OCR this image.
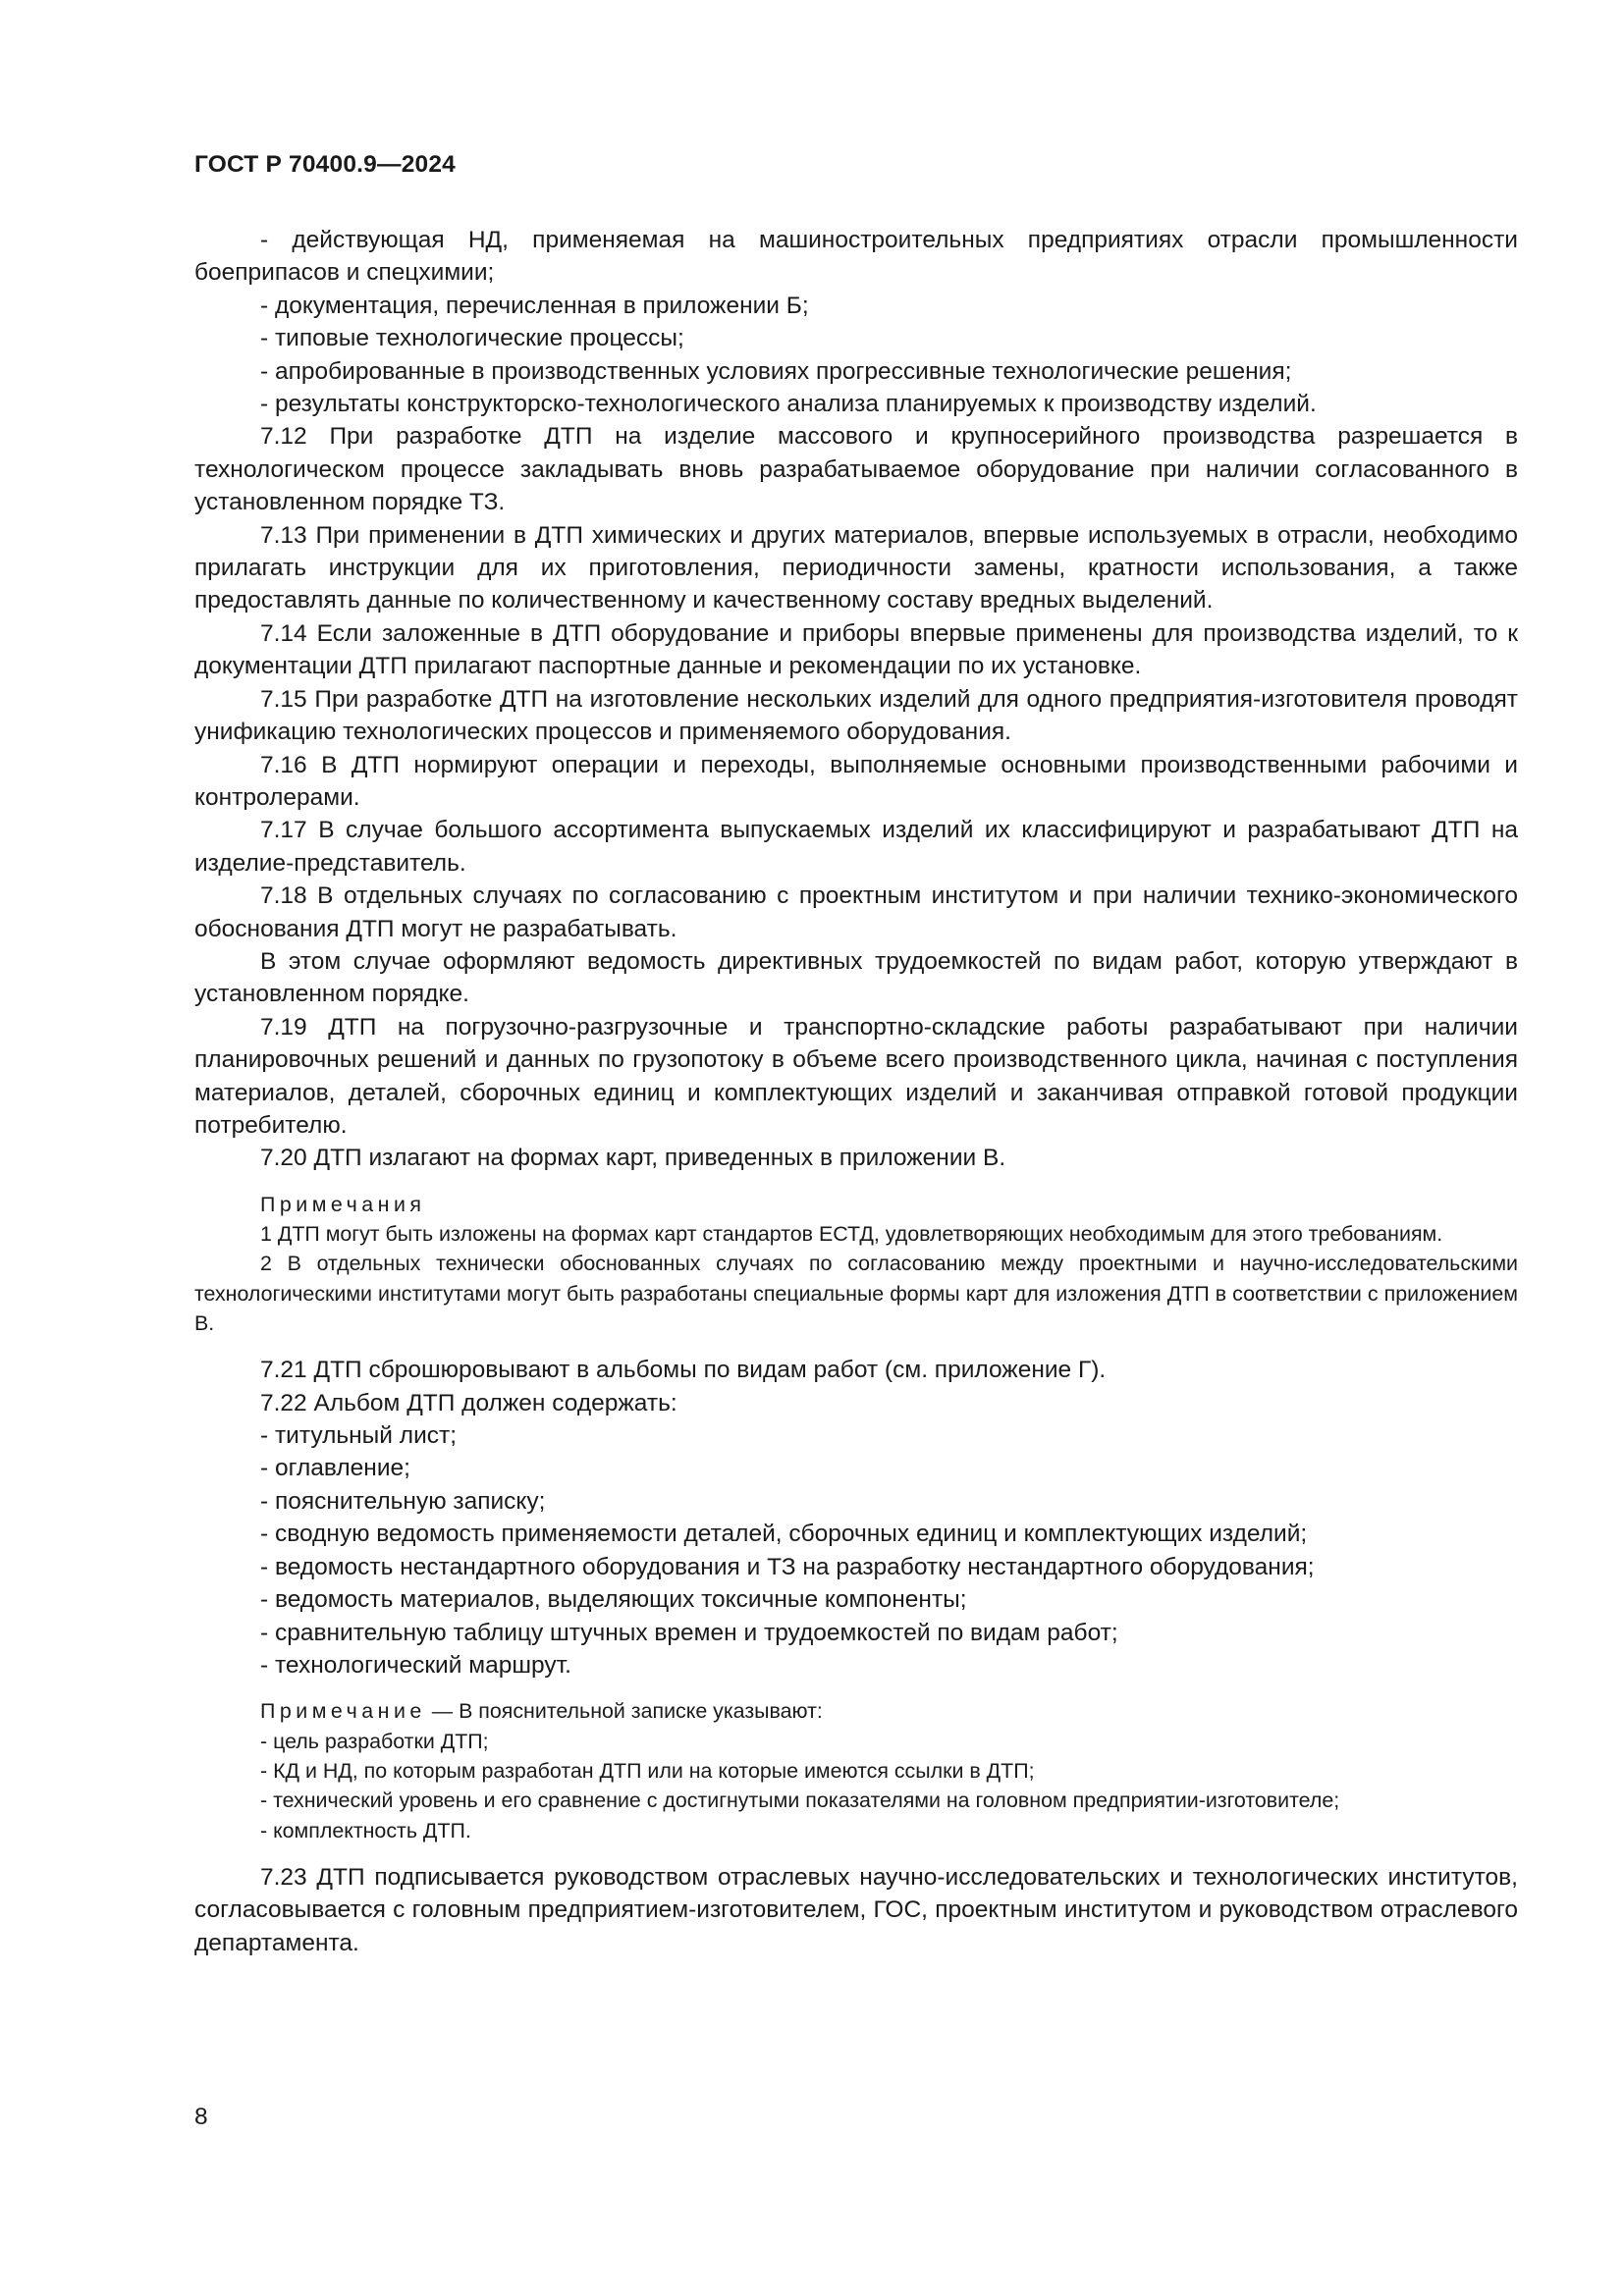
ГОСТ Р 70400.9—2024

- действующая НД, применяемая на машиностроительных предприятиях отрасли промышленности боеприпасов и спецхимии;

- документация, перечисленная в приложении Б;

- типовые технологические процессы;

- апробированные в производственных условиях прогрессивные технологические решения;

- результаты конструкторско-технологического анализа планируемых к производству изделий.

7.12 При разработке ДТП на изделие массового и крупносерийного производства разрешается в технологическом процессе закладывать вновь разрабатываемое оборудование при наличии согласованного в установленном порядке ТЗ.

7.13 При применении в ДТП химических и других материалов, впервые используемых в отрасли, необходимо прилагать инструкции для их приготовления, периодичности замены, кратности использования, а также предоставлять данные по количественному и качественному составу вредных выделений.

7.14 Если заложенные в ДТП оборудование и приборы впервые применены для производства изделий, то к документации ДТП прилагают паспортные данные и рекомендации по их установке.

7.15 При разработке ДТП на изготовление нескольких изделий для одного предприятия-изготовителя проводят унификацию технологических процессов и применяемого оборудования.

7.16 В ДТП нормируют операции и переходы, выполняемые основными производственными рабочими и контролерами.

7.17 В случае большого ассортимента выпускаемых изделий их классифицируют и разрабатывают ДТП на изделие-представитель.

7.18 В отдельных случаях по согласованию с проектным институтом и при наличии технико-экономического обоснования ДТП могут не разрабатывать.

В этом случае оформляют ведомость директивных трудоемкостей по видам работ, которую утверждают в установленном порядке.

7.19 ДТП на погрузочно-разгрузочные и транспортно-складские работы разрабатывают при наличии планировочных решений и данных по грузопотоку в объеме всего производственного цикла, начиная с поступления материалов, деталей, сборочных единиц и комплектующих изделий и заканчивая отправкой готовой продукции потребителю.

7.20 ДТП излагают на формах карт, приведенных в приложении В.

Примечания

1 ДТП могут быть изложены на формах карт стандартов ЕСТД, удовлетворяющих необходимым для этого требованиям.

2 В отдельных технически обоснованных случаях по согласованию между проектными и научно-исследовательскими технологическими институтами могут быть разработаны специальные формы карт для изложения ДТП в соответствии с приложением В.

7.21 ДТП сброшюровывают в альбомы по видам работ (см. приложение Г).

7.22 Альбом ДТП должен содержать:

- титульный лист;

- оглавление;

- пояснительную записку;

- сводную ведомость применяемости деталей, сборочных единиц и комплектующих изделий;

- ведомость нестандартного оборудования и ТЗ на разработку нестандартного оборудования;

- ведомость материалов, выделяющих токсичные компоненты;

- сравнительную таблицу штучных времен и трудоемкостей по видам работ;

- технологический маршрут.

Примечание — В пояснительной записке указывают:

- цель разработки ДТП;

- КД и НД, по которым разработан ДТП или на которые имеются ссылки в ДТП;

- технический уровень и его сравнение с достигнутыми показателями на головном предприятии-изготовителе;

- комплектность ДТП.

7.23 ДТП подписывается руководством отраслевых научно-исследовательских и технологических институтов, согласовывается с головным предприятием-изготовителем, ГОС, проектным институтом и руководством отраслевого департамента.

8
